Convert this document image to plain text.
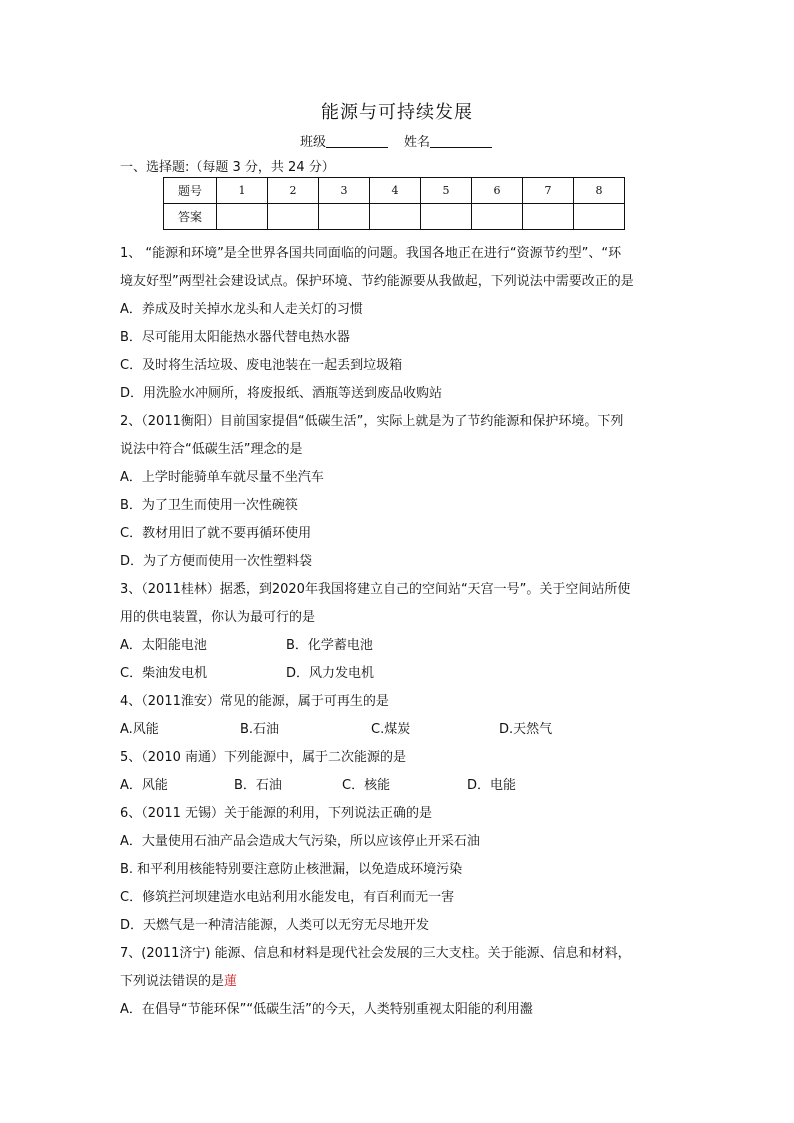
能源与可持续发展
班级	姓名
一、选择题:（每题 3 分，共 24 分）
题号	1	2	3	4	5	6	7	8
答案								
1、 “能源和环境”是全世界各国共同面临的问题。我国各地正在进行“资源节约型”、“环
境友好型”两型社会建设试点。保护环境、节约能源要从我做起，下列说法中需要改正的是
A．养成及时关掉水龙头和人走关灯的习惯
B．尽可能用太阳能热水器代替电热水器
C．及时将生活垃圾、废电池装在一起丢到垃圾箱
D．用洗脸水冲厕所，将废报纸、酒瓶等送到废品收购站
2、（2011衡阳）目前国家提倡“低碳生活”，实际上就是为了节约能源和保护环境。下列
说法中符合“低碳生活”理念的是
A．上学时能骑单车就尽量不坐汽车
B．为了卫生而使用一次性碗筷
C．教材用旧了就不要再循环使用
D．为了方便而使用一次性塑料袋
3、（2011桂林）据悉，到2020年我国将建立自己的空间站“天宫一号”。关于空间站所使
用的供电装置，你认为最可行的是
A．太阳能电池	B．化学蓄电池
C．柴油发电机	D．风力发电机
4、（2011淮安）常见的能源，属于可再生的是
A.风能	B.石油	C.煤炭	D.天然气
5、（2010 南通）下列能源中，属于二次能源的是
A．风能	B．石油	C．核能	D．电能
6、（2011 无锡）关于能源的利用，下列说法正确的是
A．大量使用石油产品会造成大气污染，所以应该停止开采石油
B. 和平利用核能特别要注意防止核泄漏，以免造成环境污染
C．修筑拦河坝建造水电站利用水能发电，有百利而无一害
D．天燃气是一种清洁能源，人类可以无穷无尽地开发
7、(2011济宁) 能源、信息和材料是现代社会发展的三大支柱。关于能源、信息和材料，
下列说法错误的是蓮
A．在倡导“节能环保”“低碳生活”的今天，人类特别重视太阳能的利用瀊
